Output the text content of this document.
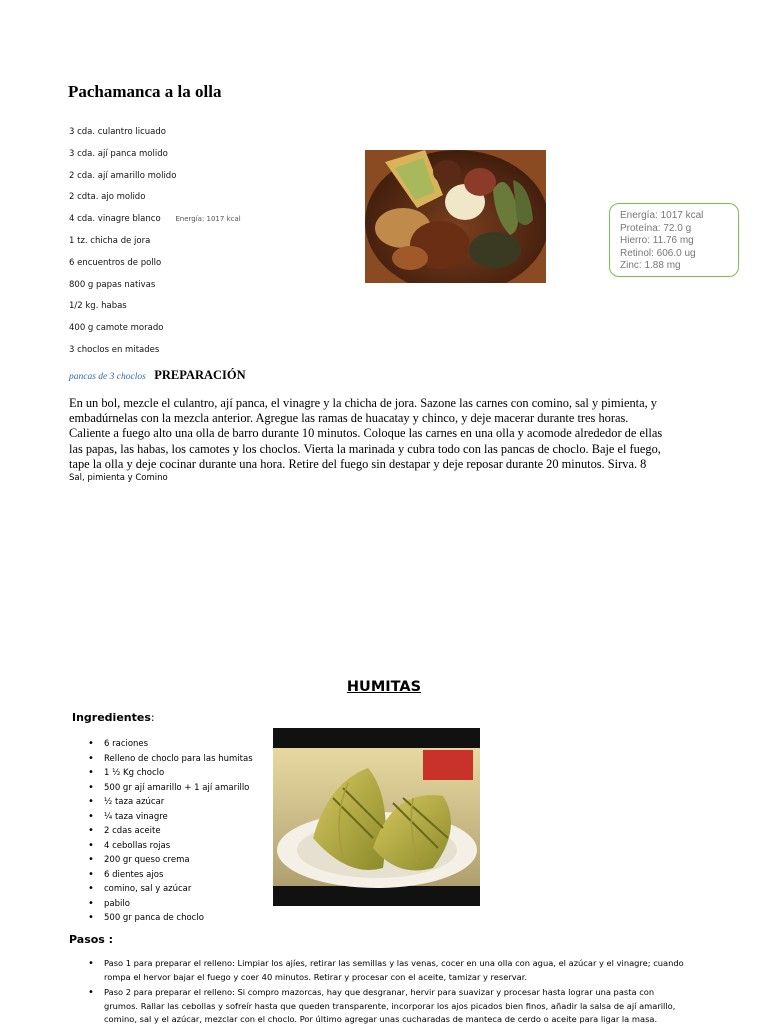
Pachamanca a la olla
3 cda. culantro licuado
3 cda. ají panca molido
2 cda. ají amarillo molido
2 cdta. ajo molido
4 cda. vinagre blanco Energía: 1017 kcal
1 tz. chicha de jora
6 encuentros de pollo
800 g papas nativas
1/2 kg. habas
400 g camote morado
3 choclos en mitades
Energía: 1017 kcal
Proteína: 72.0 g
Hierro: 11.76 mg
Retinol: 606.0 ug
Zinc: 1.88 mg
pancas de 3 choclos PREPARACIÓN
En un bol, mezcle el culantro, ají panca, el vinagre y la chicha de jora. Sazone las carnes con comino, sal y pimienta, y
embadúrnelas con la mezcla anterior. Agregue las ramas de huacatay y chinco, y deje macerar durante tres horas.
Caliente a fuego alto una olla de barro durante 10 minutos. Coloque las carnes en una olla y acomode alrededor de ellas
las papas, las habas, los camotes y los choclos. Vierta la marinada y cubra todo con las pancas de choclo. Baje el fuego,
tape la olla y deje cocinar durante una hora. Retire del fuego sin destapar y deje reposar durante 20 minutos. Sirva. 8
Sal, pimienta y Comino
HUMITAS
Ingredientes:
• 6 raciones
• Relleno de choclo para las humitas
• 1 ½ Kg choclo
• 500 gr ají amarillo + 1 ají amarillo
• ½ taza azúcar
• ¼ taza vinagre
• 2 cdas aceite
• 4 cebollas rojas
• 200 gr queso crema
• 6 dientes ajos
• comino, sal y azúcar
• pabilo
• 500 gr panca de choclo
Pasos :
• Paso 1 para preparar el relleno: Limpiar los ajíes, retirar las semillas y las venas, cocer en una olla con agua, el azúcar y el vinagre; cuando
rompa el hervor bajar el fuego y coer 40 minutos. Retirar y procesar con el aceite, tamizar y reservar.
• Paso 2 para preparar el relleno: Si compro mazorcas, hay que desgranar, hervir para suavizar y procesar hasta lograr una pasta con
grumos. Rallar las cebollas y sofreír hasta que queden transparente, incorporar los ajos picados bien finos, añadir la salsa de ají amarillo,
comino, sal y el azúcar, mezclar con el choclo. Por último agregar unas cucharadas de manteca de cerdo o aceite para ligar la masa.
